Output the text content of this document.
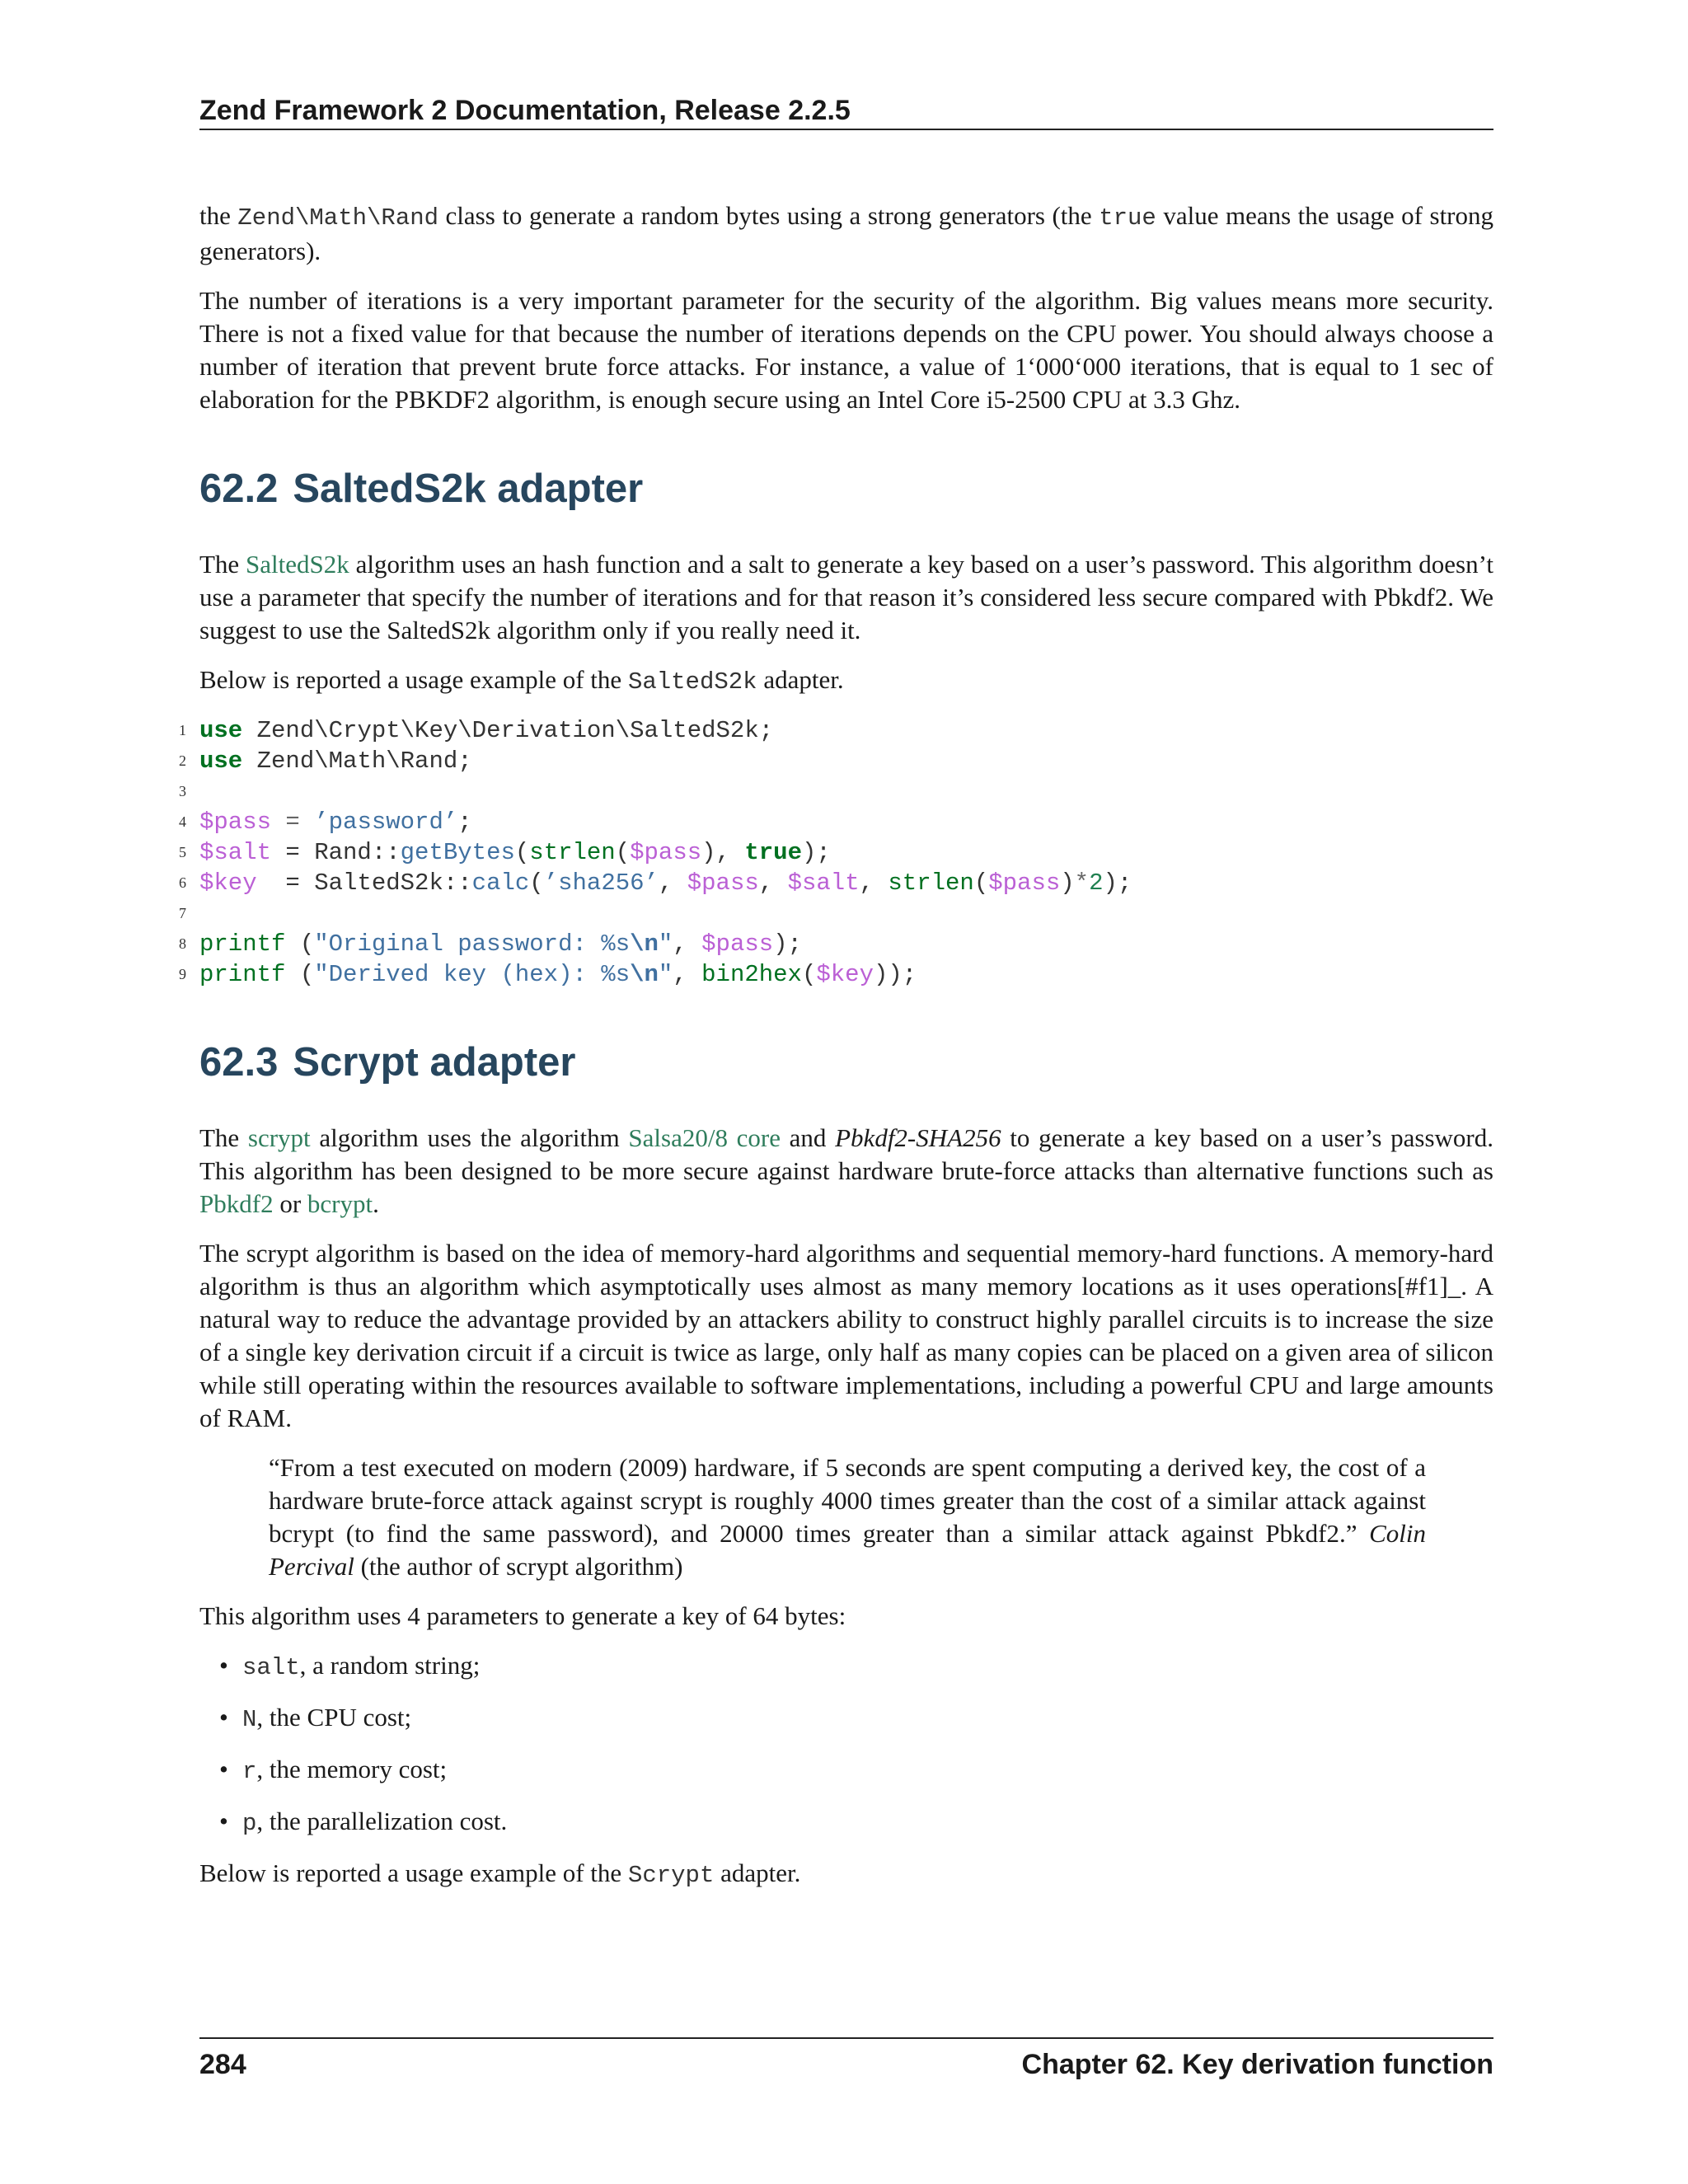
Zend Framework 2 Documentation, Release 2.2.5

the Zend\Math\Rand class to generate a random bytes using a strong generators (the true value means the usage of strong generators).

The number of iterations is a very important parameter for the security of the algorithm. Big values means more security. There is not a fixed value for that because the number of iterations depends on the CPU power. You should always choose a number of iteration that prevent brute force attacks. For instance, a value of 1‘000‘000 iterations, that is equal to 1 sec of elaboration for the PBKDF2 algorithm, is enough secure using an Intel Core i5-2500 CPU at 3.3 Ghz.

62.2 SaltedS2k adapter

The SaltedS2k algorithm uses an hash function and a salt to generate a key based on a user’s password. This algorithm doesn’t use a parameter that specify the number of iterations and for that reason it’s considered less secure compared with Pbkdf2. We suggest to use the SaltedS2k algorithm only if you really need it.

Below is reported a usage example of the SaltedS2k adapter.

1 use Zend\Crypt\Key\Derivation\SaltedS2k;
2 use Zend\Math\Rand;
3
4 $pass = ’password’;
5 $salt = Rand::getBytes(strlen($pass), true);
6 $key  = SaltedS2k::calc(’sha256’, $pass, $salt, strlen($pass)*2);
7
8 printf ("Original password: %s\n", $pass);
9 printf ("Derived key (hex): %s\n", bin2hex($key));
62.3 Scrypt adapter

The scrypt algorithm uses the algorithm Salsa20/8 core and Pbkdf2-SHA256 to generate a key based on a user’s password. This algorithm has been designed to be more secure against hardware brute-force attacks than alternative functions such as Pbkdf2 or bcrypt.

The scrypt algorithm is based on the idea of memory-hard algorithms and sequential memory-hard functions. A memory-hard algorithm is thus an algorithm which asymptotically uses almost as many memory locations as it uses operations[#f1]_. A natural way to reduce the advantage provided by an attackers ability to construct highly parallel circuits is to increase the size of a single key derivation circuit if a circuit is twice as large, only half as many copies can be placed on a given area of silicon while still operating within the resources available to software implementations, including a powerful CPU and large amounts of RAM.

“From a test executed on modern (2009) hardware, if 5 seconds are spent computing a derived key, the cost of a hardware brute-force attack against scrypt is roughly 4000 times greater than the cost of a similar attack against bcrypt (to find the same password), and 20000 times greater than a similar attack against Pbkdf2.” Colin Percival (the author of scrypt algorithm)

This algorithm uses 4 parameters to generate a key of 64 bytes:

• salt, a random string;
• N, the CPU cost;
• r, the memory cost;
• p, the parallelization cost.

Below is reported a usage example of the Scrypt adapter.

284	Chapter 62. Key derivation function
